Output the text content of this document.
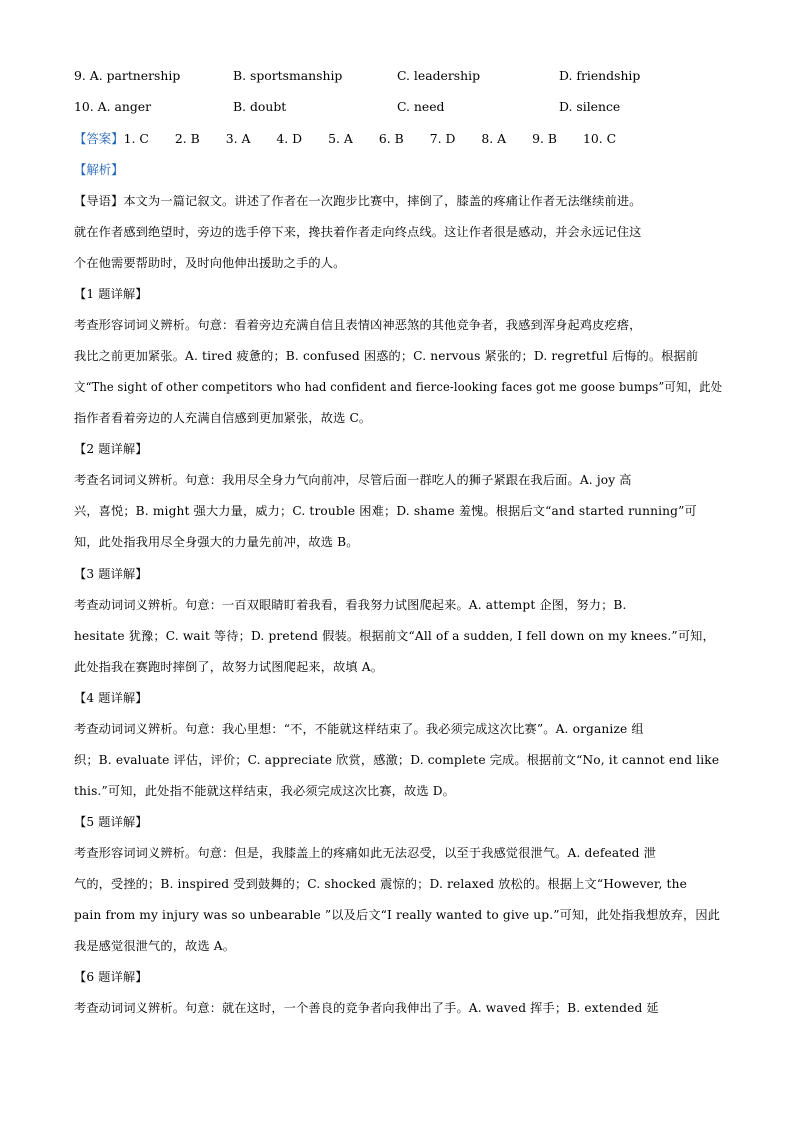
9. A. partnership	B. sportsmanship	C. leadership	D. friendship
10. A. anger	B. doubt	C. need	D. silence
【答案】1. C 2. B 3. A 4. D 5. A 6. B 7. D 8. A 9. B 10. C
【解析】
【导语】本文为一篇记叙文。讲述了作者在一次跑步比赛中，摔倒了，膝盖的疼痛让作者无法继续前进。
就在作者感到绝望时，旁边的选手停下来，搀扶着作者走向终点线。这让作者很是感动，并会永远记住这
个在他需要帮助时，及时向他伸出援助之手的人。
【1 题详解】
考查形容词词义辨析。句意：看着旁边充满自信且表情凶神恶煞的其他竞争者，我感到浑身起鸡皮疙瘩，
我比之前更加紧张。A. tired 疲惫的；B. confused 困惑的；C. nervous 紧张的；D. regretful 后悔的。根据前
文“The sight of other competitors who had confident and fierce-looking faces got me goose bumps”可知，此处
指作者看着旁边的人充满自信感到更加紧张，故选 C。
【2 题详解】
考查名词词义辨析。句意：我用尽全身力气向前冲，尽管后面一群吃人的狮子紧跟在我后面。A. joy 高
兴，喜悦；B. might 强大力量，威力；C. trouble 困难；D. shame 羞愧。根据后文“and started running”可
知，此处指我用尽全身强大的力量先前冲，故选 B。
【3 题详解】
考查动词词义辨析。句意：一百双眼睛盯着我看，看我努力试图爬起来。A. attempt 企图，努力；B.
hesitate 犹豫；C. wait 等待；D. pretend 假装。根据前文“All of a sudden, I fell down on my knees.”可知，
此处指我在赛跑时摔倒了，故努力试图爬起来，故填 A。
【4 题详解】
考查动词词义辨析。句意：我心里想：“不，不能就这样结束了。我必须完成这次比赛”。A. organize 组
织；B. evaluate 评估，评价；C. appreciate 欣赏，感激；D. complete 完成。根据前文“No, it cannot end like
this.”可知，此处指不能就这样结束，我必须完成这次比赛，故选 D。
【5 题详解】
考查形容词词义辨析。句意：但是，我膝盖上的疼痛如此无法忍受，以至于我感觉很泄气。A. defeated 泄
气的，受挫的；B. inspired 受到鼓舞的；C. shocked 震惊的；D. relaxed 放松的。根据上文“However, the
pain from my injury was so unbearable ”以及后文“I really wanted to give up.”可知，此处指我想放弃，因此
我是感觉很泄气的，故选 A。
【6 题详解】
考查动词词义辨析。句意：就在这时，一个善良的竞争者向我伸出了手。A. waved 挥手；B. extended 延
